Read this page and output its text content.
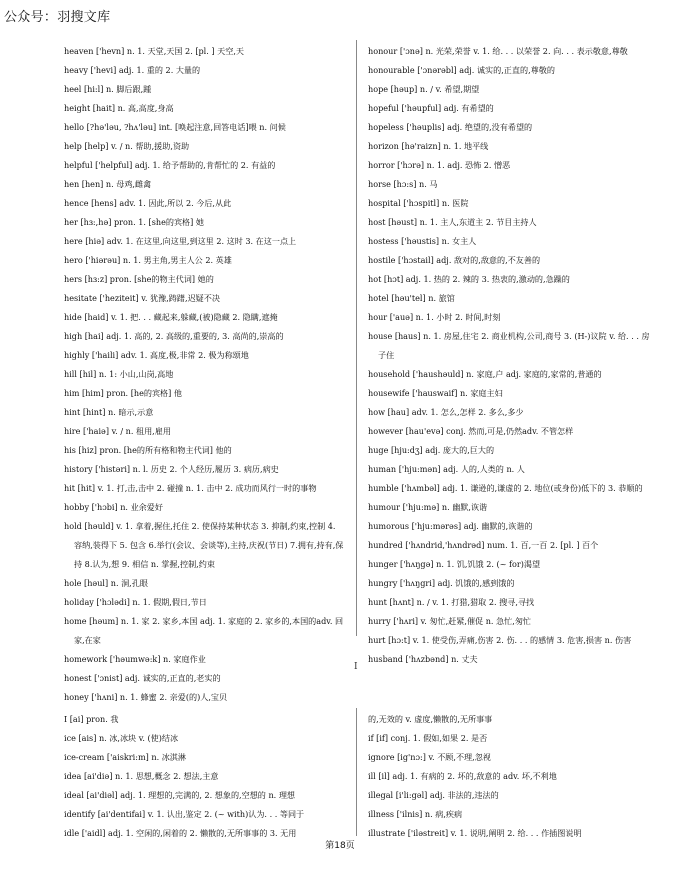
公众号：羽搜文库
heaven ['hevn] n. 1. 天堂,天国 2. [pl. ] 天空,天
heavy ['hevi] adj. 1. 重的 2. 大量的
heel [hi:l] n. 脚后跟,踵
height [hait] n. 高,高度,身高
hello [?hə'ləu, ?hʌ'ləu] int. [唤起注意,回答电话]喂 n. 问候
help [help] v. / n. 帮助,援助,资助
helpful ['helpful] adj. 1. 给予帮助的,肯帮忙的 2. 有益的
hen [hen] n. 母鸡,雌禽
hence [hens] adv. 1. 因此,所以 2. 今后,从此
her [hɜ:,hə] pron. 1. [she的宾格] 她
here [hiə] adv. 1. 在这里,向这里,到这里 2. 这时 3. 在这一点上
hero ['hiərəu] n. 1. 男主角,男主人公 2. 英雄
hers [hɜ:z] pron. [she的物主代词] 她的
hesitate ['heziteit] v. 犹豫,踌躇,迟疑不决
hide [haid] v. 1. 把. . . 藏起来,躲藏,(被)隐藏 2. 隐瞒,遮掩
high [hai] adj. 1. 高的, 2. 高级的,重要的, 3. 高尚的,崇高的
highly ['haili] adv. 1. 高度,极,非常 2. 极为称颂地
hill [hil] n. 1: 小山,山岗,高地
him [him] pron. [he的宾格] 他
hint [hint] n. 暗示,示意
hire ['haiə] v. / n. 租用,雇用
his [hiz] pron. [he的所有格和物主代词] 他的
history ['histəri] n. l. 历史 2. 个人经历,履历 3. 病历,病史
hit [hit] v. 1. 打,击,击中 2. 碰撞 n. 1. 击中 2. 成功而风行一时的事物
hobby ['hɔbi] n. 业余爱好
hold [həuld] v. 1. 拿着,握住,托住 2. 使保持某种状态 3. 抑制,约束,控制 4. 容纳,装得下 5. 包含 6.举行(会议、会谈等),主持,庆祝(节日) 7.拥有,持有,保持 8.认为,想 9. 相信 n. 掌握,控制,约束
hole [həul] n. 洞,孔眼
holiday ['hɔlədi] n. 1. 假期,假日,节日
home [həum] n. 1. 家 2. 家乡,本国 adj. 1. 家庭的 2. 家乡的,本国的adv. 回家,在家
homework ['həumwə:k] n. 家庭作业
honest ['ɔnist] adj. 诚实的,正直的,老实的
honey ['hʌni] n. 1. 蜂蜜 2. 亲爱(的)人,宝贝
honour ['ɔnə] n. 光荣,荣誉 v. 1. 给. . . 以荣誉 2. 向. . . 表示敬意,尊敬
honourable ['ɔnərəbl] adj. 诚实的,正直的,尊敬的
hope [həup] n. / v. 希望,期望
hopeful ['həupful] adj. 有希望的
hopeless ['həuplis] adj. 绝望的,没有希望的
horizon [hə'raizn] n. 1. 地平线
horror ['hɔrə] n. 1. adj. 恐怖 2. 憎恶
horse [hɔ:s] n. 马
hospital ['hɔspitl] n. 医院
host [həust] n. 1. 主人,东道主 2. 节目主持人
hostess ['həustis] n. 女主人
hostile ['hɔstail] adj. 敌对的,敌意的,不友善的
hot [hɔt] adj. 1. 热的 2. 辣的 3. 热衷的,激动的,急躁的
hotel [həu'tel] n. 旅馆
hour ['auə] n. 1. 小时 2. 时间,时刻
house [haus] n. 1. 房屋,住宅 2. 商业机构,公司,商号 3. (H-)议院 v. 给. . . 房子住
household ['haushəuld] n. 家庭,户 adj. 家庭的,家常的,普通的
housewife ['hauswaif] n. 家庭主妇
how [hau] adv. 1. 怎么,怎样 2. 多么,多少
however [hau'evə] conj. 然而,可是,仍然adv. 不管怎样
huge [hju:dʒ] adj. 庞大的,巨大的
human ['hju:mən] adj. 人的,人类的 n. 人
humble ['hʌmbəl] adj. 1. 谦逊的,谦虚的 2. 地位(或身份)低下的 3. 恭顺的
humour ['hju:mə] n. 幽默,诙谐
humorous ['hju:mərəs] adj. 幽默的,诙谐的
hundred ['hʌndrid,'hʌndrəd] num. 1. 百,一百 2. [pl. ] 百个
hunger ['hʌŋgə] n. 1. 饥,饥饿 2. (~ for)渴望
hungry ['hʌŋgri] adj. 饥饿的,感到饿的
hunt [hʌnt] n. / v. 1. 打猎,猎取 2. 搜寻,寻找
hurry ['hʌri] v. 匆忙,赶紧,催促 n. 急忙,匆忙
hurt [hɔ:t] v. 1. 使受伤,弄痛,伤害 2. 伤. . . 的感情 3. 危害,损害 n. 伤害
husband ['hʌzbənd] n. 丈夫
I
I [ai] pron. 我
ice [ais] n. 冰,冰块 v. (使)结冰
ice-cream ['aiskri:m] n. 冰淇淋
idea [ai'diə] n. 1. 思想,概念 2. 想法,主意
ideal [ai'diəl] adj. 1. 理想的,完满的, 2. 想象的,空想的 n. 理想
identify [ai'dentifai] v. 1. 认出,鉴定 2. (~ with)认为. . . 等同于
idle ['aidl] adj. 1. 空闲的,闲着的 2. 懒散的,无所事事的 3. 无用
的,无效的 v. 虚度,懒散的,无所事事
if [if] conj. 1. 假如,如果 2. 是否
ignore [ig'nɔ:] v. 不顾,不理,忽视
ill [il] adj. 1. 有病的 2. 坏的,敌意的 adv. 坏,不利地
illegal [i'li:gəl] adj. 非法的,违法的
illness ['ilnis] n. 病,疾病
illustrate ['iləstreit] v. 1. 说明,阐明 2. 给. . . 作插图说明
第18页
